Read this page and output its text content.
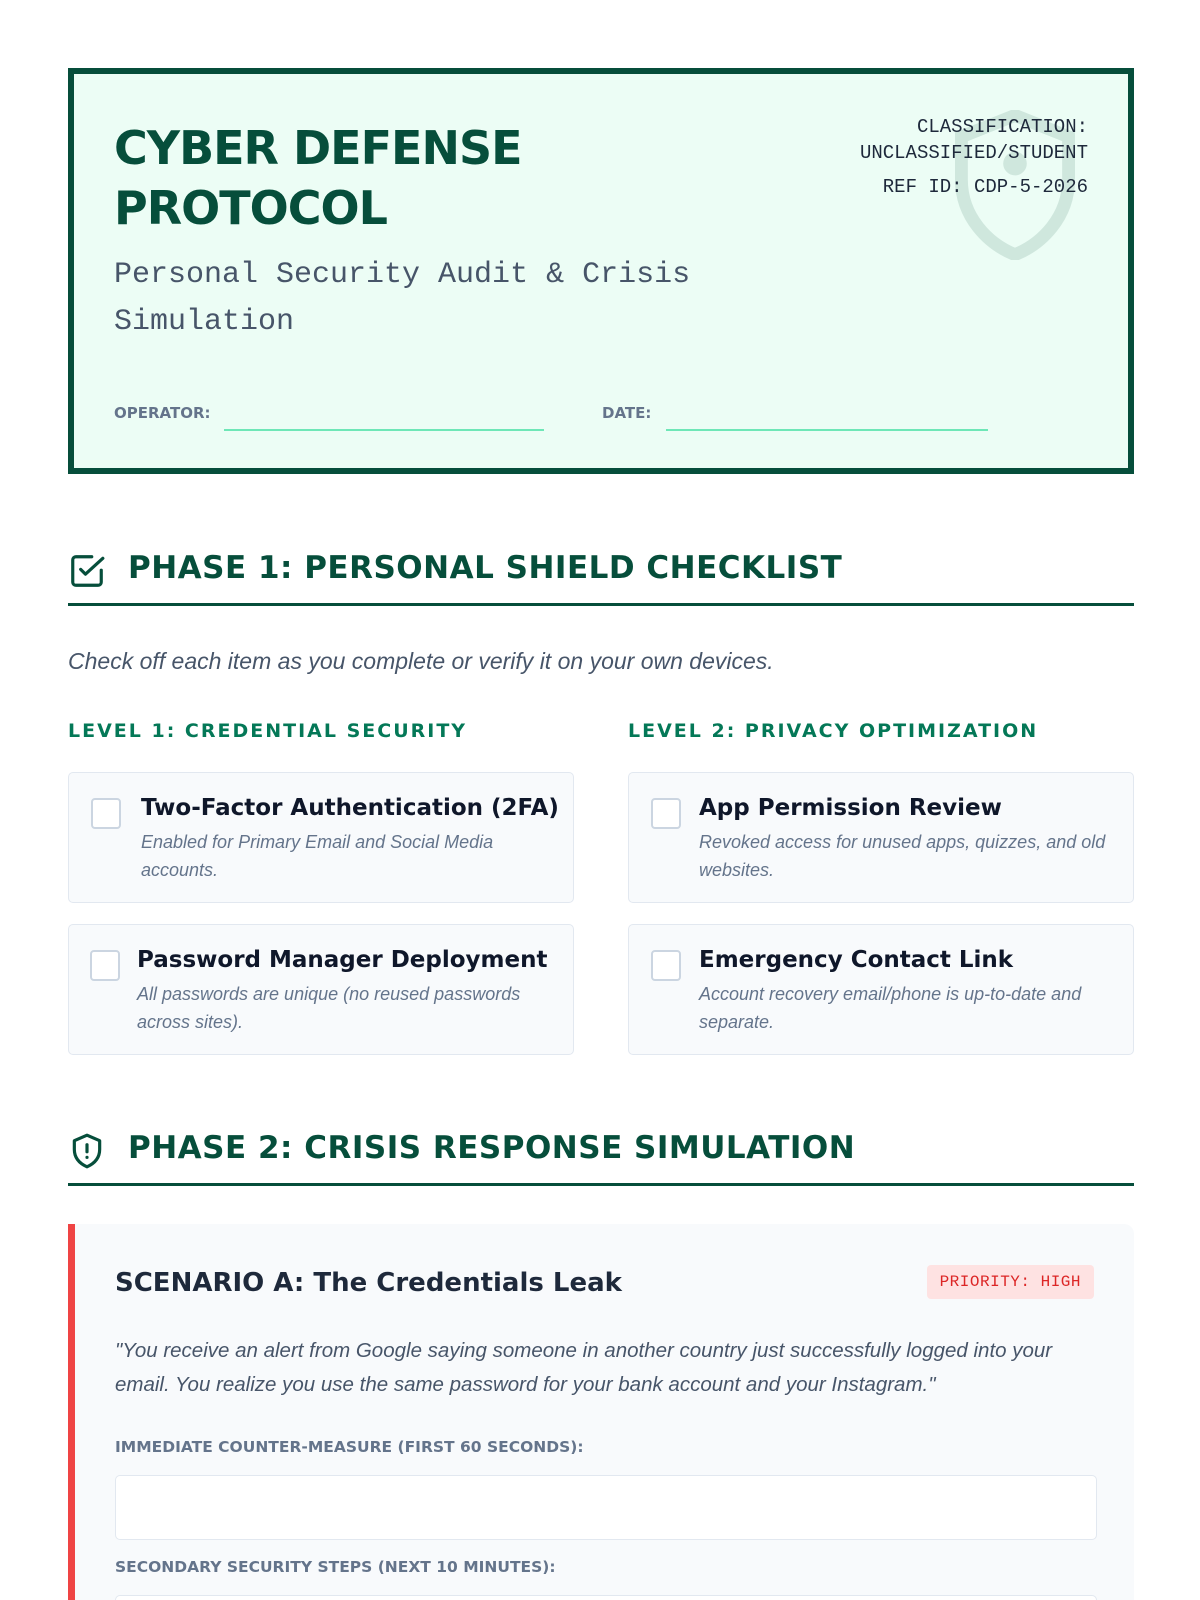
CYBER DEFENSE PROTOCOL
Personal Security Audit & Crisis Simulation
CLASSIFICATION:
UNCLASSIFIED/STUDENT
REF ID: CDP-5-2026
OPERATOR:	DATE:
PHASE 1: PERSONAL SHIELD CHECKLIST
Check off each item as you complete or verify it on your own devices.
LEVEL 1: CREDENTIAL SECURITY	LEVEL 2: PRIVACY OPTIMIZATION
Two-Factor Authentication (2FA)
Enabled for Primary Email and Social Media accounts.
App Permission Review
Revoked access for unused apps, quizzes, and old websites.
Password Manager Deployment
All passwords are unique (no reused passwords across sites).
Emergency Contact Link
Account recovery email/phone is up-to-date and separate.
PHASE 2: CRISIS RESPONSE SIMULATION
SCENARIO A: The Credentials Leak	PRIORITY: HIGH
"You receive an alert from Google saying someone in another country just successfully logged into your email. You realize you use the same password for your bank account and your Instagram."
IMMEDIATE COUNTER-MEASURE (FIRST 60 SECONDS):
SECONDARY SECURITY STEPS (NEXT 10 MINUTES):
